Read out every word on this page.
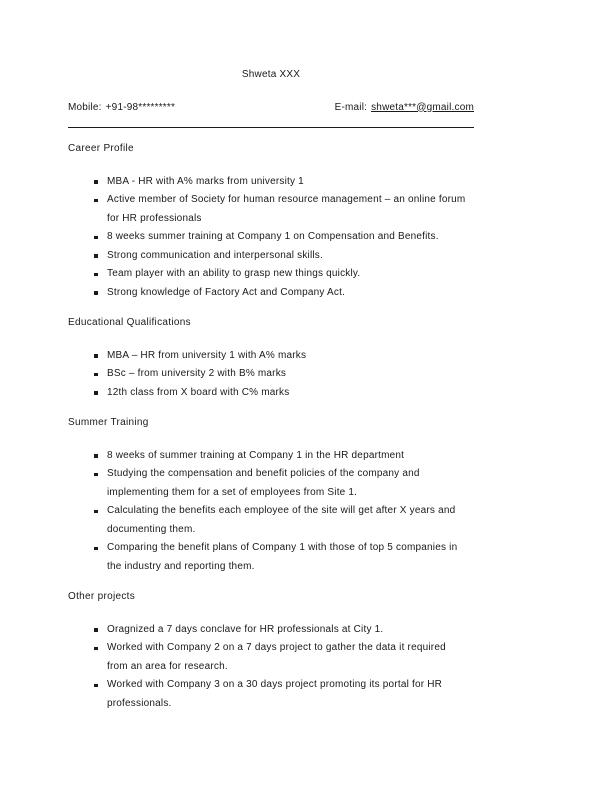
Shweta XXX
Mobile: +91-98*********	E-mail: shweta***@gmail.com
Career Profile
MBA - HR with A% marks from university 1
Active member of Society for human resource management – an online forum
for HR professionals
8 weeks summer training at Company 1 on Compensation and Benefits.
Strong communication and interpersonal skills.
Team player with an ability to grasp new things quickly.
Strong knowledge of Factory Act and Company Act.
Educational Qualifications
MBA – HR from university 1 with A% marks
BSc – from university 2 with B% marks
12th class from X board with C% marks
Summer Training
8 weeks of summer training at Company 1 in the HR department
Studying the compensation and benefit policies of the company and
implementing them for a set of employees from Site 1.
Calculating the benefits each employee of the site will get after X years and
documenting them.
Comparing the benefit plans of Company 1 with those of top 5 companies in
the industry and reporting them.
Other projects
Oragnized a 7 days conclave for HR professionals at City 1.
Worked with Company 2 on a 7 days project to gather the data it required
from an area for research.
Worked with Company 3 on a 30 days project promoting its portal for HR
professionals.
